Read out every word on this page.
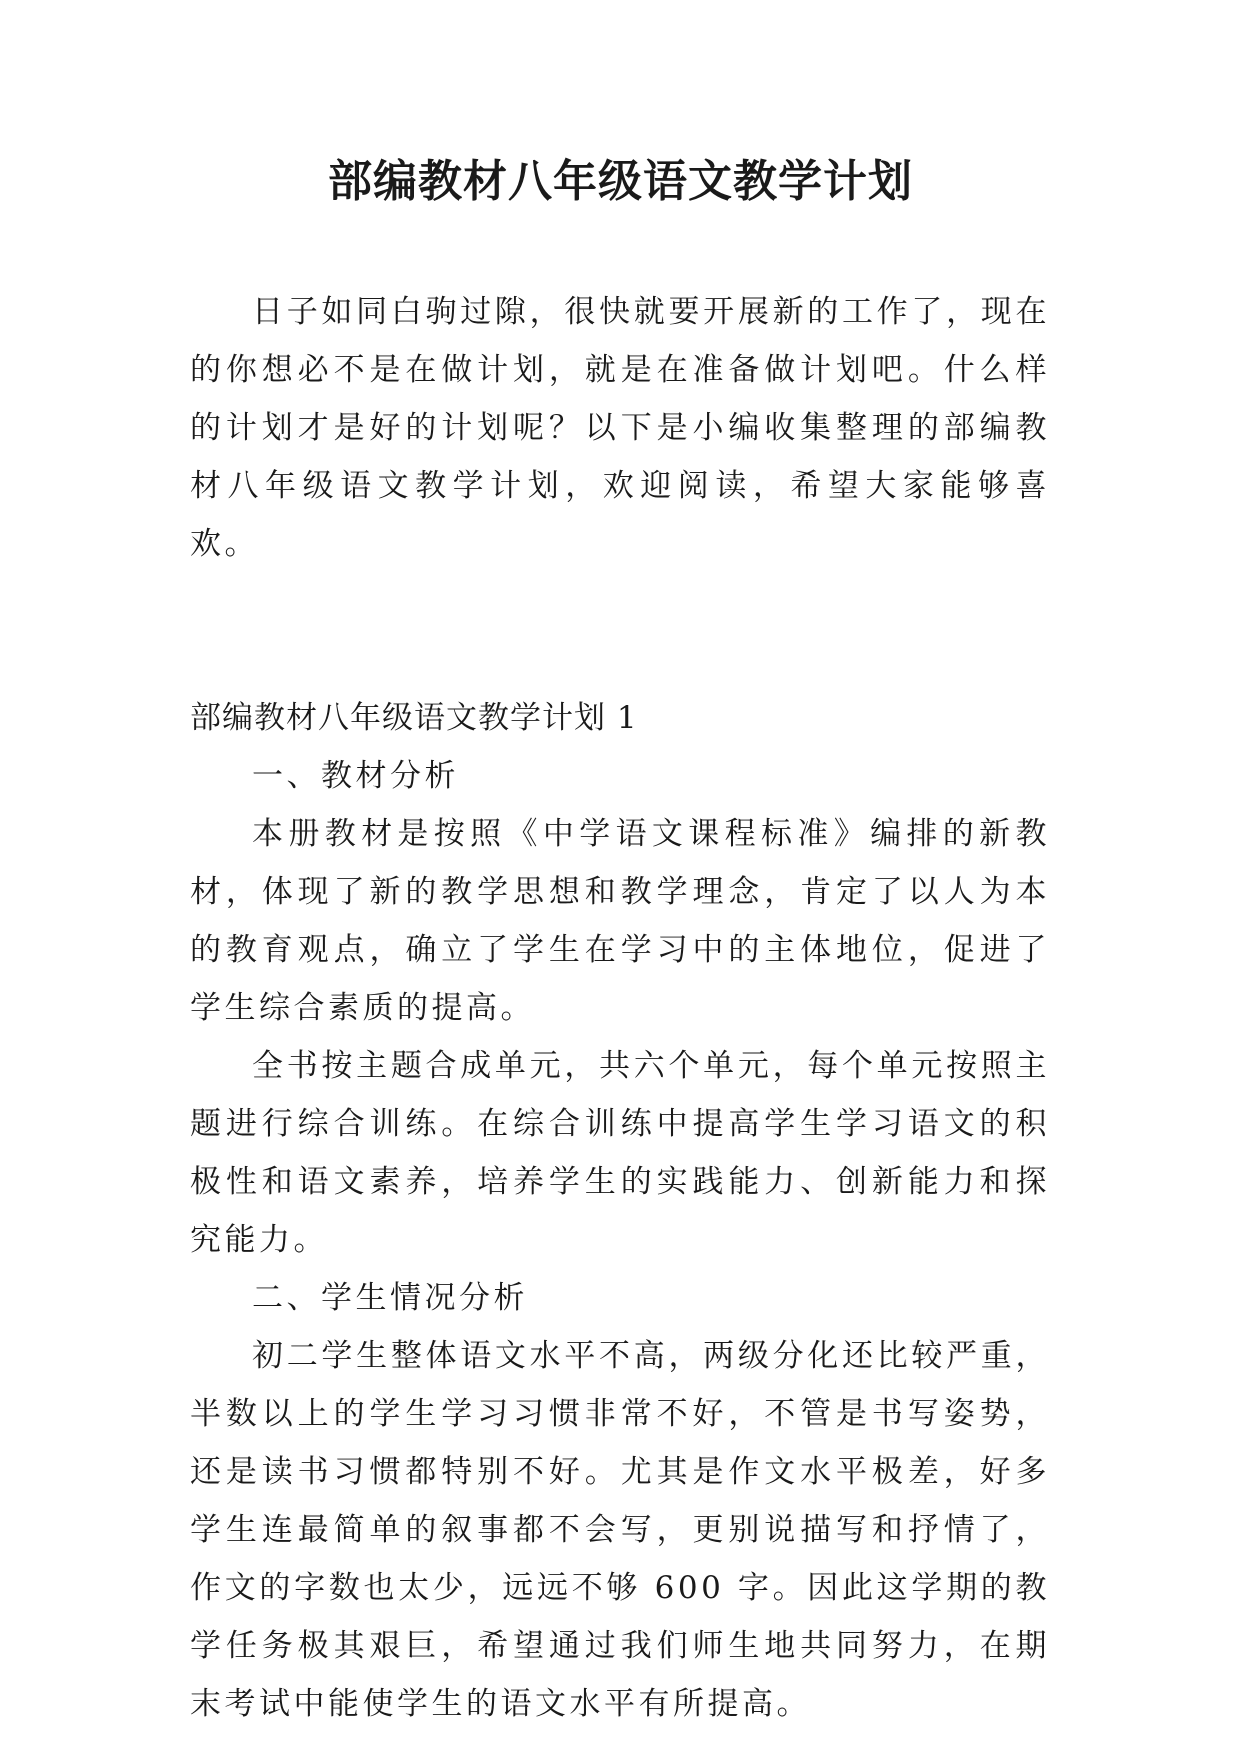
部编教材八年级语文教学计划

日子如同白驹过隙，很快就要开展新的工作了，现在的你想必不是在做计划，就是在准备做计划吧。什么样的计划才是好的计划呢？以下是小编收集整理的部编教材八年级语文教学计划，欢迎阅读，希望大家能够喜欢。

部编教材八年级语文教学计划 1

一、教材分析

本册教材是按照《中学语文课程标准》编排的新教材，体现了新的教学思想和教学理念，肯定了以人为本的教育观点，确立了学生在学习中的主体地位，促进了学生综合素质的提高。

全书按主题合成单元，共六个单元，每个单元按照主题进行综合训练。在综合训练中提高学生学习语文的积极性和语文素养，培养学生的实践能力、创新能力和探究能力。

二、学生情况分析

初二学生整体语文水平不高，两级分化还比较严重，半数以上的学生学习习惯非常不好，不管是书写姿势，还是读书习惯都特别不好。尤其是作文水平极差，好多学生连最简单的叙事都不会写，更别说描写和抒情了，作文的字数也太少，远远不够 600 字。因此这学期的教学任务极其艰巨，希望通过我们师生地共同努力，在期末考试中能使学生的语文水平有所提高。
